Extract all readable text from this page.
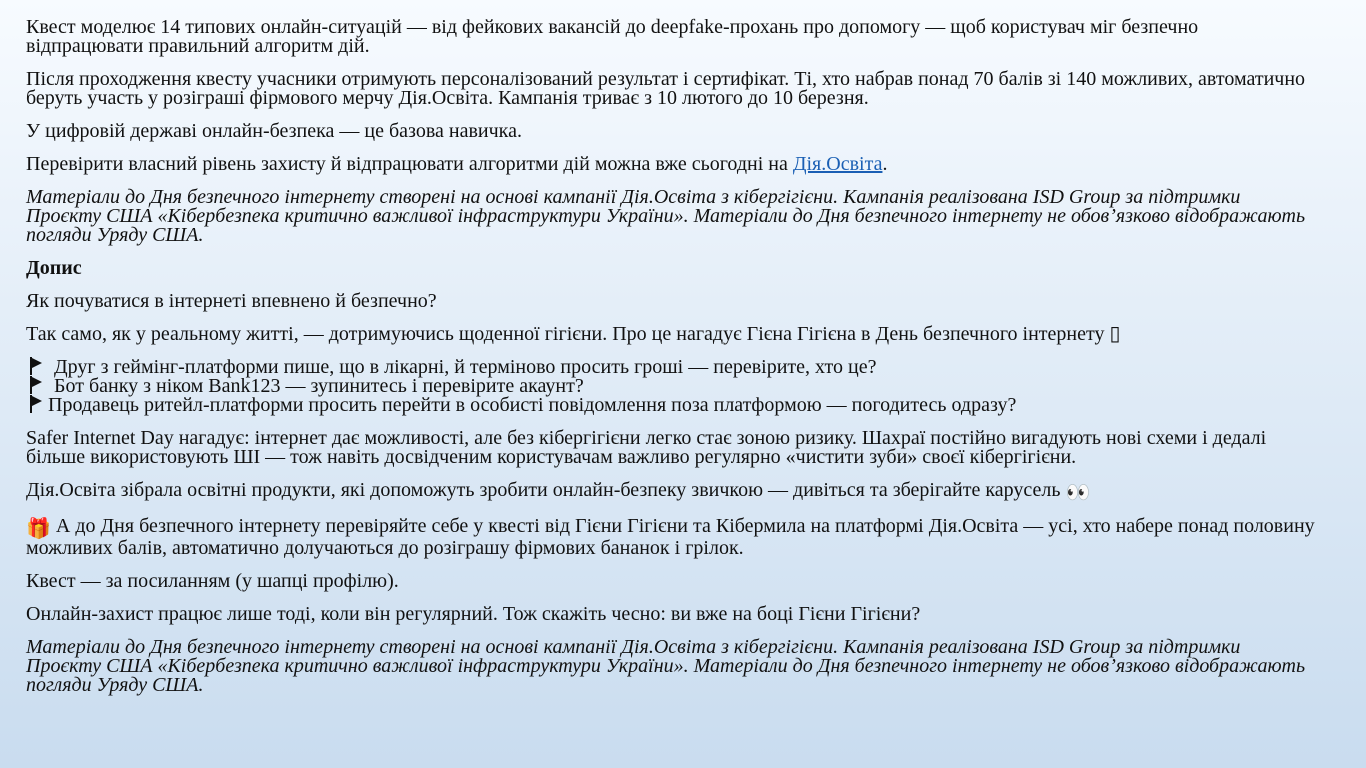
Квест моделює 14 типових онлайн-ситуацій — від фейкових вакансій до deepfake-прохань про допомогу — щоб користувач міг безпечно відпрацювати правильний алгоритм дій.

Після проходження квесту учасники отримують персоналізований результат і сертифікат. Ті, хто набрав понад 70 балів зі 140 можливих, автоматично беруть участь у розіграші фірмового мерчу Дія.Освіта. Кампанія триває з 10 лютого до 10 березня.

У цифровій державі онлайн-безпека — це базова навичка.

Перевірити власний рівень захисту й відпрацювати алгоритми дій можна вже сьогодні на Дія.Освіта.

Матеріали до Дня безпечного інтернету створені на основі кампанії Дія.Освіта з кібергігієни. Кампанія реалізована ISD Group за підтримки Проєкту США «Кібербезпека критично важливої інфраструктури України». Матеріали до Дня безпечного інтернету не обов’язково відображають погляди Уряду США.

Допис

Як почуватися в інтернеті впевнено й безпечно?

Так само, як у реальному житті, — дотримуючись щоденної гігієни. Про це нагадує Гієна Гігієна в День безпечного інтернету ▯

Друг з геймінг-платформи пише, що в лікарні, й терміново просить гроші — перевірите, хто це?
Бот банку з ніком Bank123 — зупинитесь і перевірите акаунт?
Продавець ритейл-платформи просить перейти в особисті повідомлення поза платформою — погодитесь одразу?

Safer Internet Day нагадує: інтернет дає можливості, але без кібергігієни легко стає зоною ризику. Шахраї постійно вигадують нові схеми і дедалі більше використовують ШІ — тож навіть досвідченим користувачам важливо регулярно «чистити зуби» своєї кібергігієни.

Дія.Освіта зібрала освітні продукти, які допоможуть зробити онлайн-безпеку звичкою — дивіться та зберігайте карусель 👀

🎁 А до Дня безпечного інтернету перевіряйте себе у квесті від Гієни Гігієни та Кібермила на платформі Дія.Освіта — усі, хто набере понад половину можливих балів, автоматично долучаються до розіграшу фірмових бананок і грілок.

Квест — за посиланням (у шапці профілю).

Онлайн-захист працює лише тоді, коли він регулярний. Тож скажіть чесно: ви вже на боці Гієни Гігієни?

Матеріали до Дня безпечного інтернету створені на основі кампанії Дія.Освіта з кібергігієни. Кампанія реалізована ISD Group за підтримки Проєкту США «Кібербезпека критично важливої інфраструктури України». Матеріали до Дня безпечного інтернету не обов’язково відображають погляди Уряду США.
